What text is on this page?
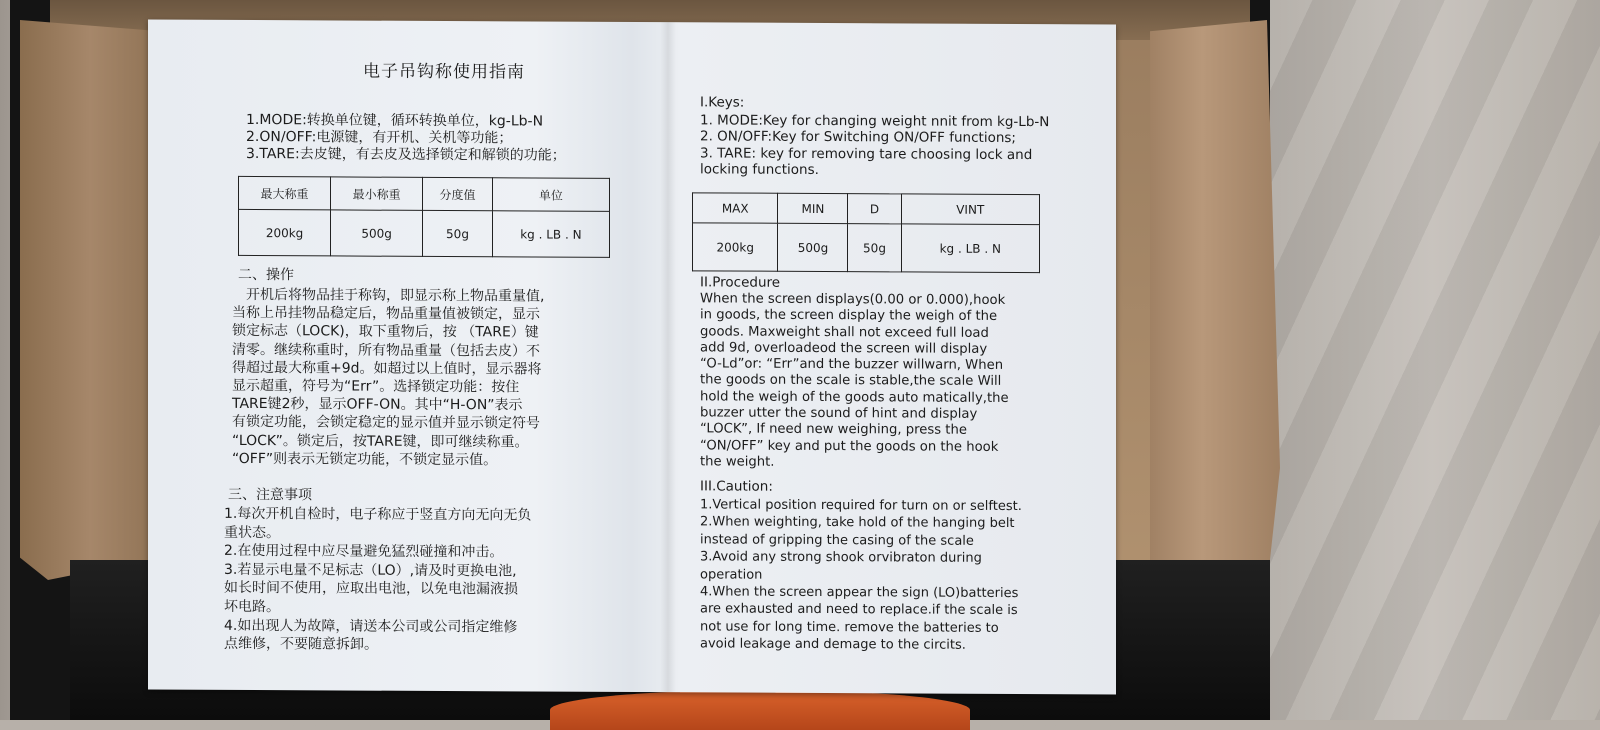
电子吊钩称使用指南
1.MODE:转换单位键，循环转换单位，kg-Lb-N
2.ON/OFF:电源键，有开机、关机等功能；
3.TARE:去皮键，有去皮及选择锁定和解锁的功能；
最大称重	最小称重	分度值	单位
200kg	500g	50g	kg . LB . N
二、操作
开机后将物品挂于称钩，即显示称上物品重量值,
当称上吊挂物品稳定后，物品重量值被锁定，显示
锁定标志（LOCK)，取下重物后，按 （TARE）键
清零。继续称重时，所有物品重量（包括去皮）不
得超过最大称重+9d。如超过以上值时，显示器将
显示超重，符号为“Err”。选择锁定功能：按住
TARE键2秒，显示OFF-ON。其中“H-ON”表示
有锁定功能，会锁定稳定的显示值并显示锁定符号
“LOCK”。锁定后，按TARE键，即可继续称重。
“OFF”则表示无锁定功能，不锁定显示值。
三、注意事项
1.每次开机自检时，电子称应于竖直方向无向无负
重状态。
2.在使用过程中应尽量避免猛烈碰撞和冲击。
3.若显示电量不足标志（LO）,请及时更换电池,
如长时间不使用，应取出电池，以免电池漏液损
坏电路。
4.如出现人为故障，请送本公司或公司指定维修
点维修，不要随意拆卸。
I.Keys:
1. MODE:Key for changing weight nnit from kg-Lb-N
2. ON/OFF:Key for Switching ON/OFF functions;
3. TARE: key for removing tare choosing lock and
locking functions.
MAX	MIN	D	VINT
200kg	500g	50g	kg . LB . N
II.Procedure
When the screen displays(0.00 or 0.000),hook
in goods, the screen display the weigh of the
goods. Maxweight shall not exceed full load
add 9d, overloadeod the screen will display
“O-Ld”or: “Err”and the buzzer willwarn, When
the goods on the scale is stable,the scale Will
hold the weigh of the goods auto matically,the
buzzer utter the sound of hint and display
“LOCK”, If need new weighing, press the
“ON/OFF” key and put the goods on the hook
the weight.
III.Caution:
1.Vertical position required for turn on or selftest.
2.When weighting, take hold of the hanging belt
instead of gripping the casing of the scale
3.Avoid any strong shook orvibraton during
operation
4.When the screen appear the sign (LO)batteries
are exhausted and need to replace.if the scale is
not use for long time. remove the batteries to
avoid leakage and demage to the circits.
